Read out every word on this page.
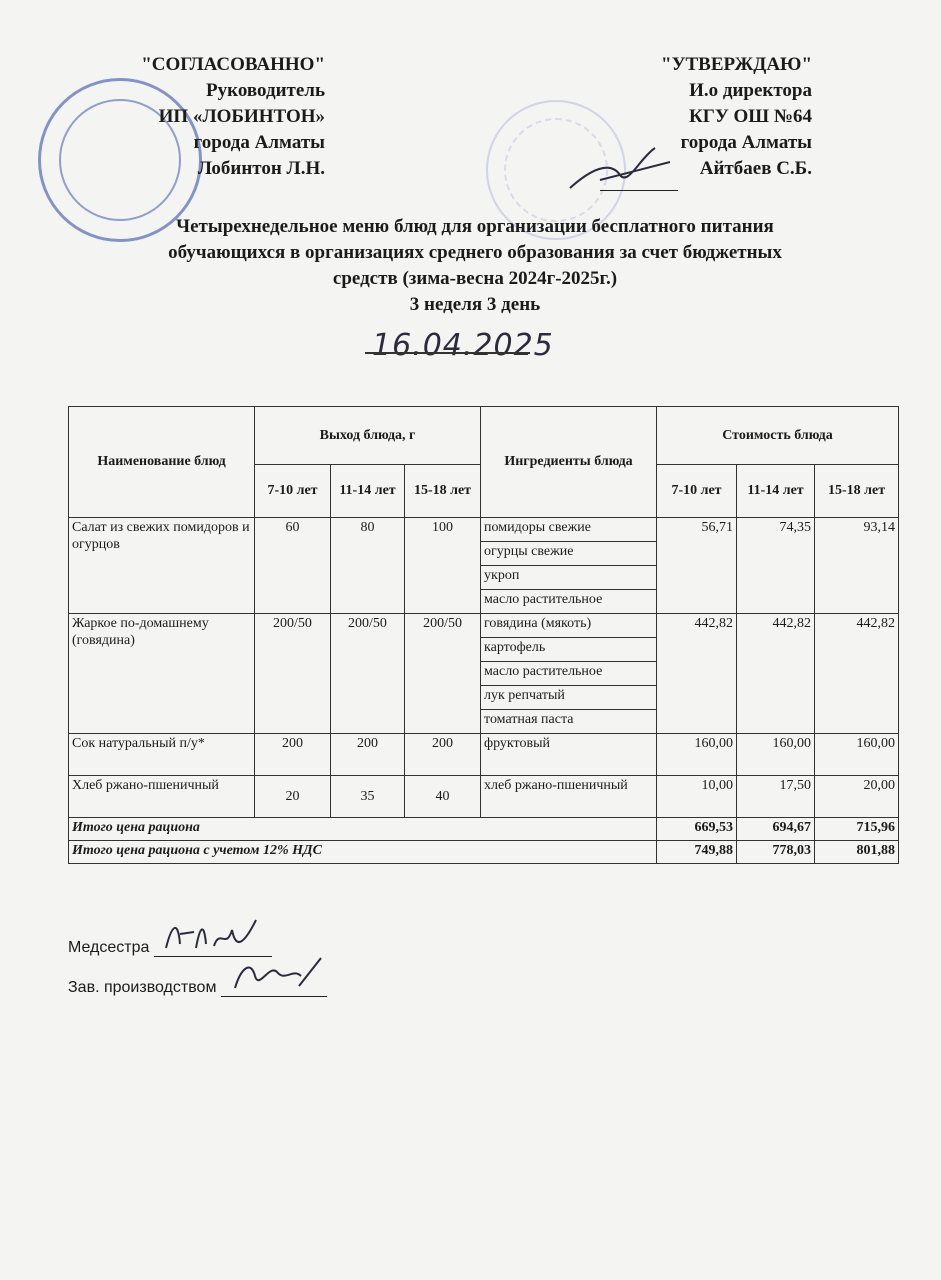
"СОГЛАСОВАННО"
Руководитель
ИП «ЛОБИНТОН»
города Алматы
Лобинтон Л.Н.
"УТВЕРЖДАЮ"
И.о директора
КГУ ОШ №64
города Алматы
Айтбаев С.Б.
Четырехнедельное меню блюд для организации бесплатного питания
обучающихся в организациях среднего образования за счет бюджетных
средств (зима-весна 2024г-2025г.)
3 неделя 3 день
16.04.2025
Наименование блюд	Выход блюда, г			Ингредиенты блюда	Стоимость блюда		
	7-10 лет	11-14 лет	15-18 лет		7-10 лет	11-14 лет	15-18 лет
Салат из свежих помидоров и огурцов	60	80	100	помидоры свежие	56,71	74,35	93,14
				огурцы свежие			
				укроп			
				масло растительное			
Жаркое по-домашнему (говядина)	200/50	200/50	200/50	говядина (мякоть)	442,82	442,82	442,82
				картофель			
				масло растительное			
				лук репчатый			
				томатная паста			
Сок натуральный п/у*	200	200	200	фруктовый	160,00	160,00	160,00
Хлеб ржано-пшеничный	20	35	40	хлеб ржано-пшеничный	10,00	17,50	20,00
Итого цена рациона					669,53	694,67	715,96
Итого цена рациона с учетом 12% НДС					749,88	778,03	801,88
Медсестра
Зав. производством
